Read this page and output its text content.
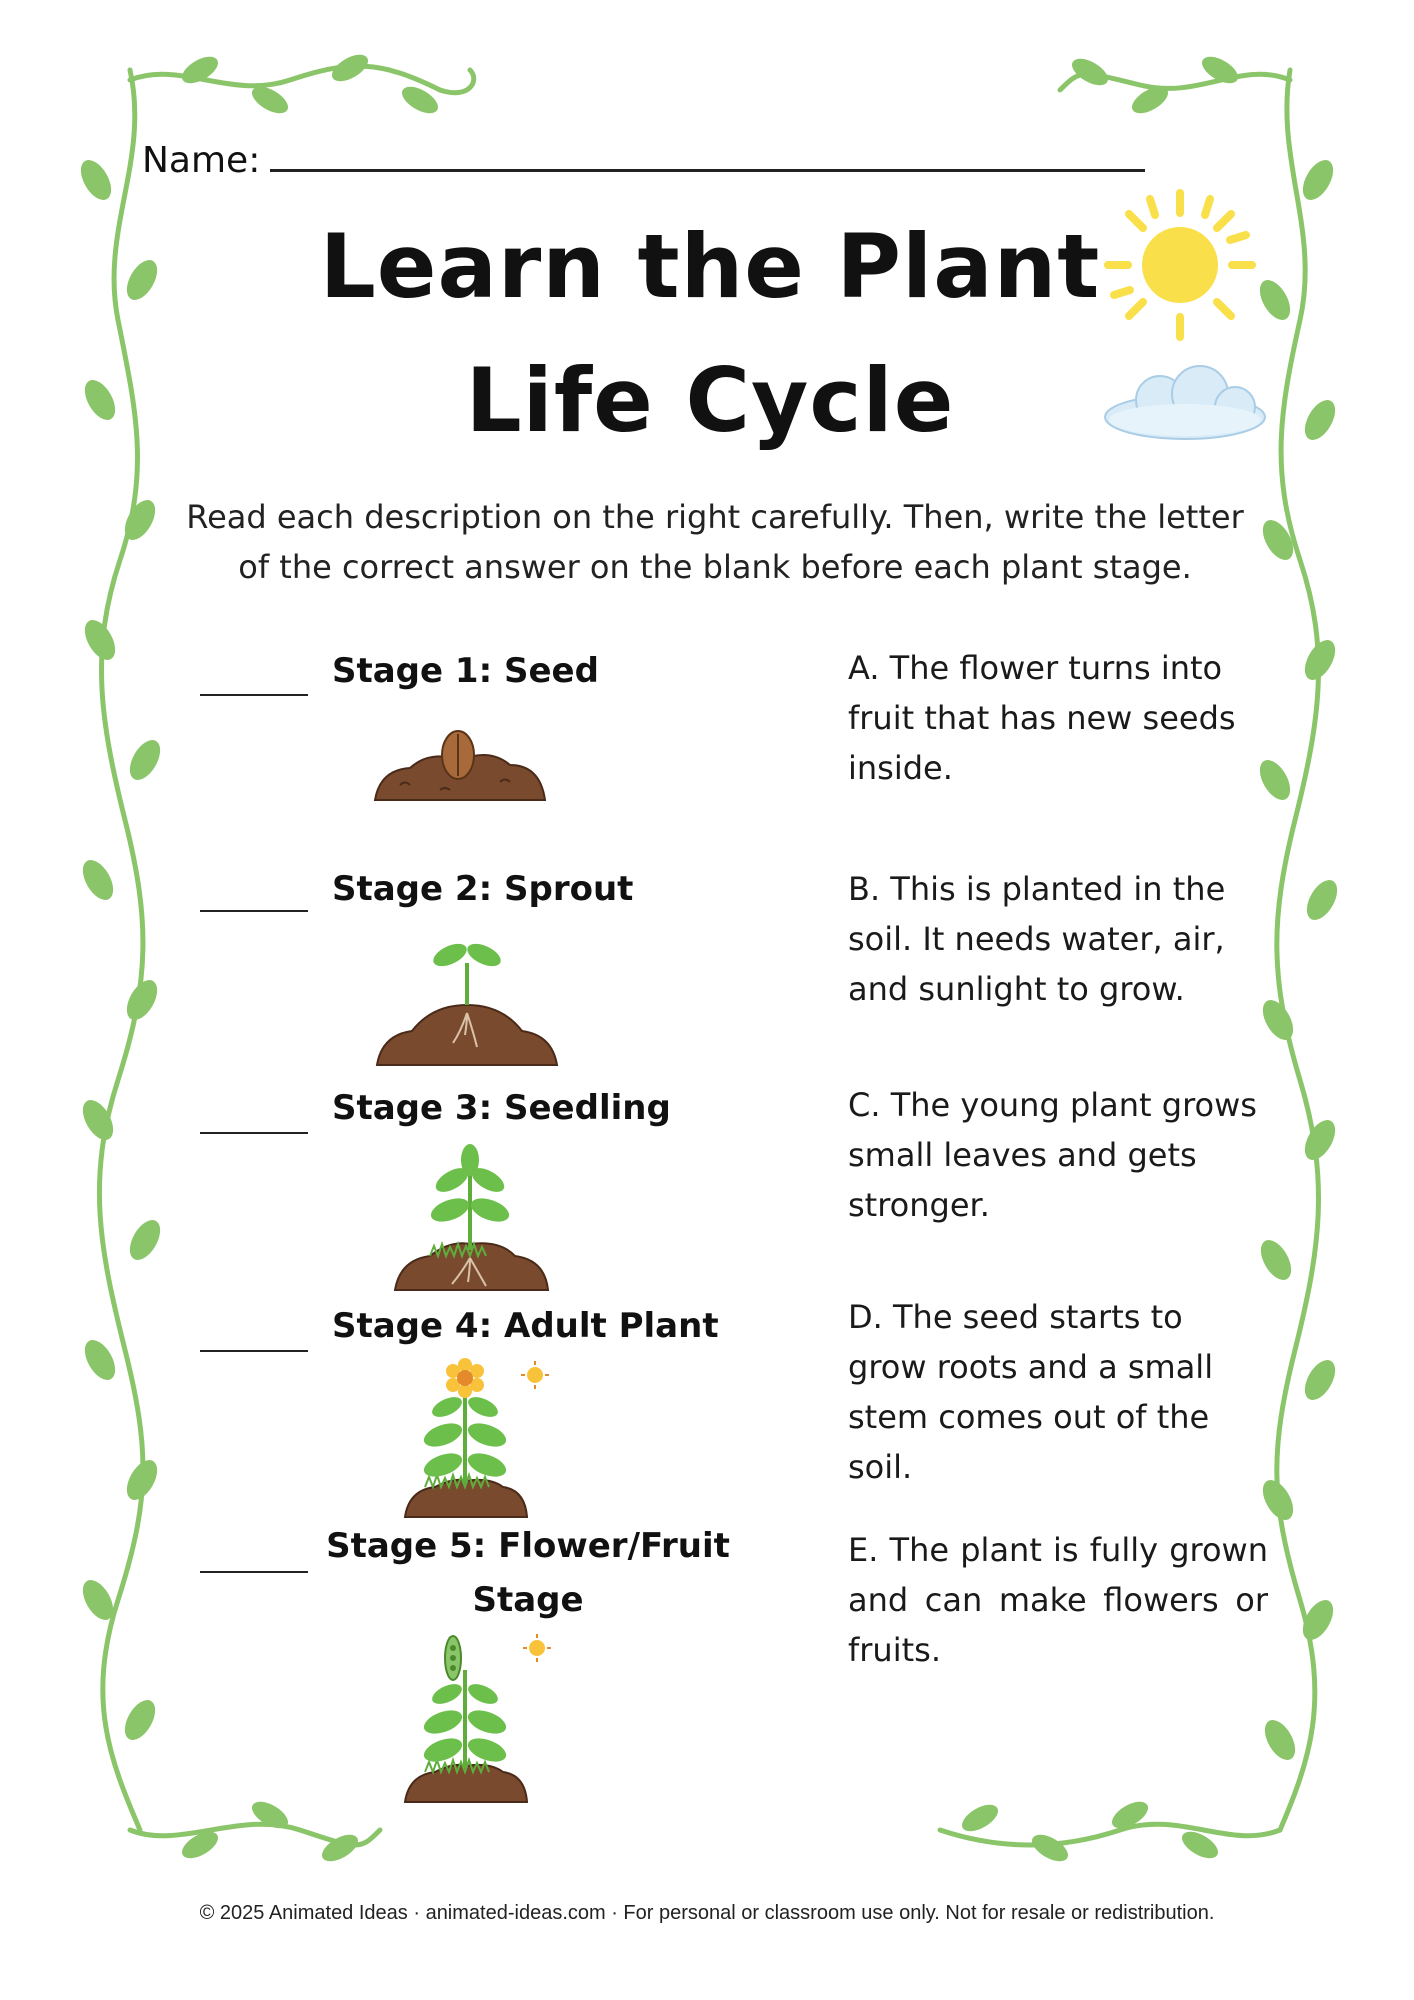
Name:
Learn the Plant
Life Cycle
Read each description on the right carefully. Then, write the letter of the correct answer on the blank before each plant stage.
Stage 1: Seed
Stage 2: Sprout
Stage 3: Seedling
Stage 4: Adult Plant
Stage 5: Flower/Fruit Stage
A. The flower turns into fruit that has new seeds inside.
B. This is planted in the soil. It needs water, air, and sunlight to grow.
C. The young plant grows small leaves and gets stronger.
D. The seed starts to grow roots and a small stem comes out of the soil.
E. The plant is fully grown and can make flowers or fruits.
© 2025 Animated Ideas · animated-ideas.com · For personal or classroom use only. Not for resale or redistribution.
